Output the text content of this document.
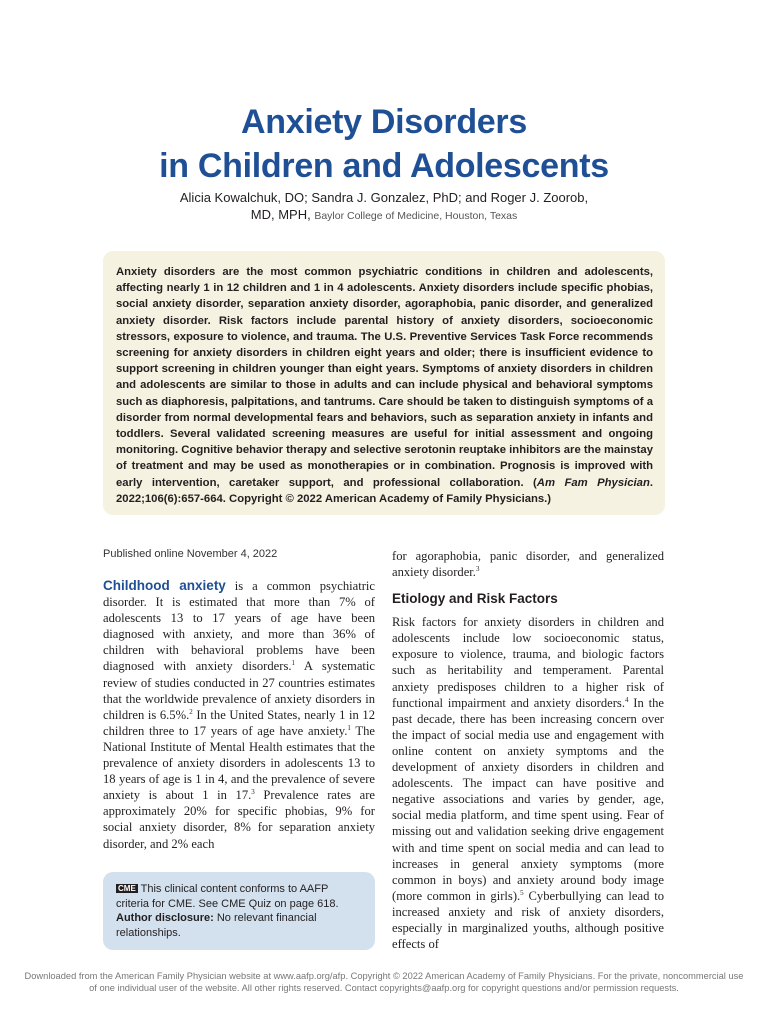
Anxiety Disorders
in Children and Adolescents
Alicia Kowalchuk, DO; Sandra J. Gonzalez, PhD; and Roger J. Zoorob, MD, MPH, Baylor College of Medicine, Houston, Texas

Anxiety disorders are the most common psychiatric conditions in children and adolescents, affecting nearly 1 in 12 children and 1 in 4 adolescents. Anxiety disorders include specific phobias, social anxiety disorder, separation anxiety disorder, agoraphobia, panic disorder, and generalized anxiety disorder. Risk factors include parental history of anxiety disorders, socioeconomic stressors, exposure to violence, and trauma. The U.S. Preventive Services Task Force recommends screening for anxiety disorders in children eight years and older; there is insufficient evidence to support screening in children younger than eight years. Symptoms of anxiety disorders in children and adolescents are similar to those in adults and can include physical and behavioral symptoms such as diaphoresis, palpitations, and tantrums. Care should be taken to distinguish symptoms of a disorder from normal developmental fears and behaviors, such as separation anxiety in infants and toddlers. Several validated screening measures are useful for initial assessment and ongoing monitoring. Cognitive behavior therapy and selective serotonin reuptake inhibitors are the mainstay of treatment and may be used as monotherapies or in combination. Prognosis is improved with early intervention, caretaker support, and professional collaboration. (Am Fam Physician. 2022;106(6):657-664. Copyright © 2022 American Academy of Family Physicians.)

Published online November 4, 2022

Childhood anxiety is a common psychiatric disorder. It is estimated that more than 7% of adolescents 13 to 17 years of age have been diagnosed with anxiety, and more than 36% of children with behavioral problems have been diagnosed with anxiety disorders.$^1$ A systematic review of studies conducted in 27 countries estimates that the worldwide prevalence of anxiety disorders in children is 6.5%.$^2$ In the United States, nearly 1 in 12 children three to 17 years of age have anxiety.$^1$ The National Institute of Mental Health estimates that the prevalence of anxiety disorders in adolescents 13 to 18 years of age is 1 in 4, and the prevalence of severe anxiety is about 1 in 17.$^3$ Prevalence rates are approximately 20% for specific phobias, 9% for social anxiety disorder, 8% for separation anxiety disorder, and 2% each

CME This clinical content conforms to AAFP criteria for CME. See CME Quiz on page 618.

Author disclosure: No relevant financial relationships.

for agoraphobia, panic disorder, and generalized anxiety disorder.$^3$

Etiology and Risk Factors

Risk factors for anxiety disorders in children and adolescents include low socioeconomic status, exposure to violence, trauma, and biologic factors such as heritability and temperament. Parental anxiety predisposes children to a higher risk of functional impairment and anxiety disorders.$^4$ In the past decade, there has been increasing concern over the impact of social media use and engagement with online content on anxiety symptoms and the development of anxiety disorders in children and adolescents. The impact can have positive and negative associations and varies by gender, age, social media platform, and time spent using. Fear of missing out and validation seeking drive engagement with and time spent on social media and can lead to increases in general anxiety symptoms (more common in boys) and anxiety around body image (more common in girls).$^5$ Cyberbullying can lead to increased anxiety and risk of anxiety disorders, especially in marginalized youths, although positive effects of

Downloaded from the American Family Physician website at www.aafp.org/afp. Copyright © 2022 American Academy of Family Physicians. For the private, noncommercial use of one individual user of the website. All other rights reserved. Contact copyrights@aafp.org for copyright questions and/or permission requests.
